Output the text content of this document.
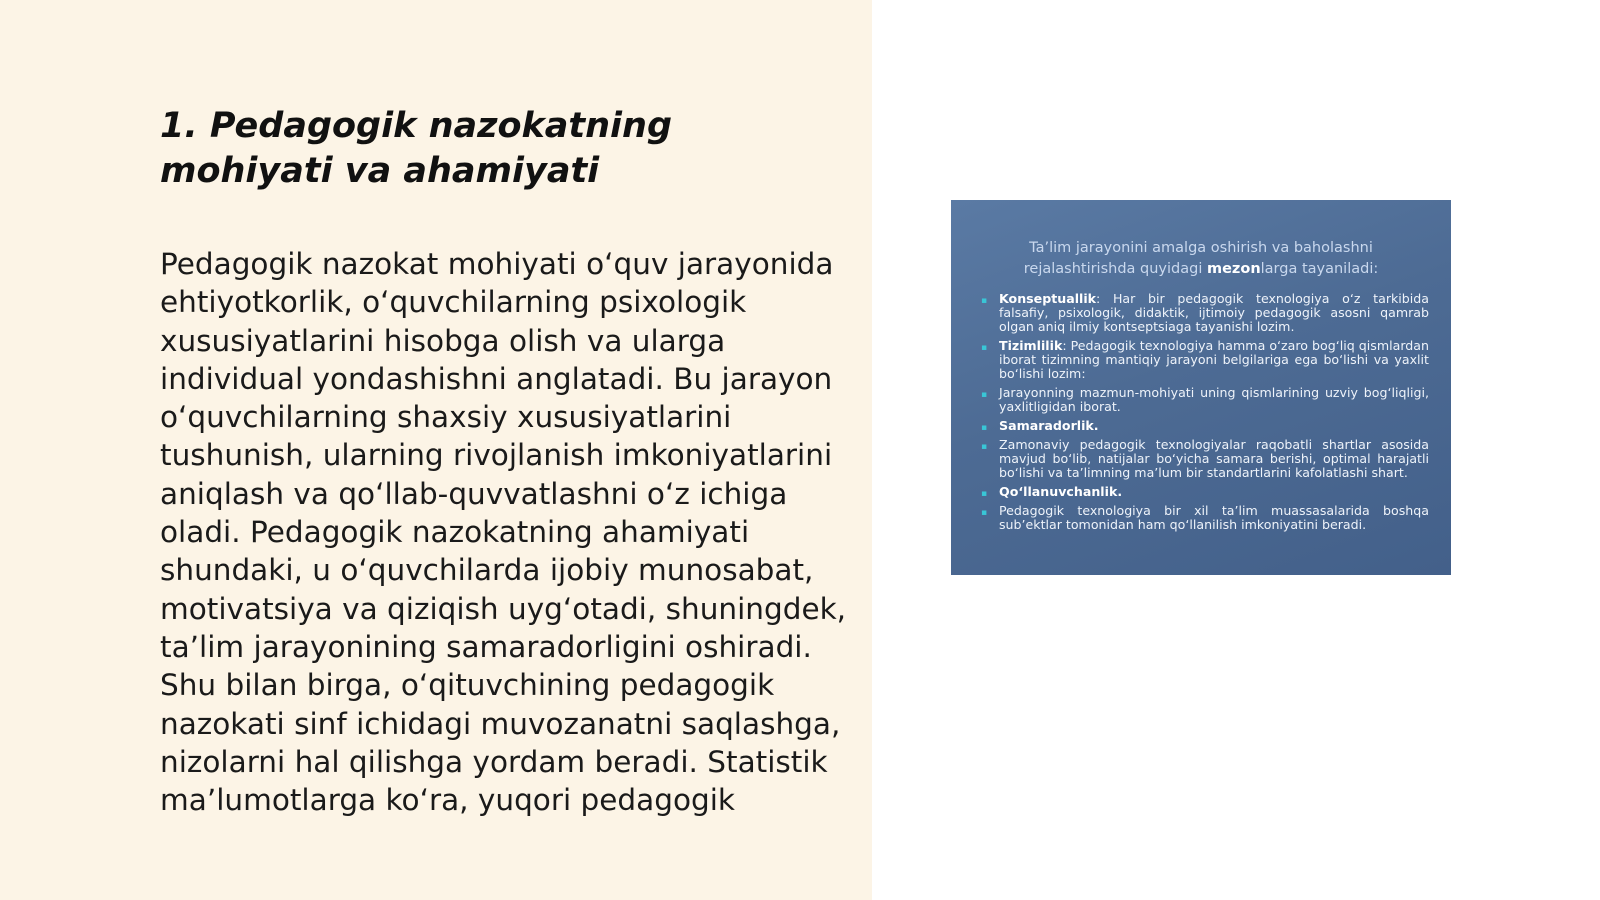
1. Pedagogik nazokatning mohiyati va ahamiyati

Pedagogik nazokat mohiyati o‘quv jarayonida ehtiyotkorlik, o‘quvchilarning psixologik xususiyatlarini hisobga olish va ularga individual yondashishni anglatadi. Bu jarayon o‘quvchilarning shaxsiy xususiyatlarini tushunish, ularning rivojlanish imkoniyatlarini aniqlash va qo‘llab-quvvatlashni o‘z ichiga oladi. Pedagogik nazokatning ahamiyati shundaki, u o‘quvchilarda ijobiy munosabat, motivatsiya va qiziqish uyg‘otadi, shuningdek, ta’lim jarayonining samaradorligini oshiradi. Shu bilan birga, o‘qituvchining pedagogik nazokati sinf ichidagi muvozanatni saqlashga, nizolarni hal qilishga yordam beradi. Statistik ma’lumotlarga ko‘ra, yuqori pedagogik

Ta’lim jarayonini amalga oshirish va baholashni rejalashtirishda quyidagi mezonlarga tayaniladi:
▪ Konseptuallik: Har bir pedagogik texnologiya o‘z tarkibida falsafiy, psixologik, didaktik, ijtimoiy pedagogik asosni qamrab olgan aniq ilmiy kontseptsiaga tayanishi lozim.
▪ Tizimlilik: Pedagogik texnologiya hamma o‘zaro bog‘liq qismlardan iborat tizimning mantiqiy jarayoni belgilariga ega bo‘lishi va yaxlit bo‘lishi lozim:
▪ Jarayonning mazmun-mohiyati uning qismlarining uzviy bog‘liqligi, yaxlitligidan iborat.
▪ Samaradorlik.
▪ Zamonaviy pedagogik texnologiyalar raqobatli shartlar asosida mavjud bo‘lib, natijalar bo‘yicha samara berishi, optimal harajatli bo‘lishi va ta’limning ma’lum bir standartlarini kafolatlashi shart.
▪ Qo‘llanuvchanlik.
▪ Pedagogik texnologiya bir xil ta’lim muassasalarida boshqa sub’ektlar tomonidan ham qo‘llanilish imkoniyatini beradi.
